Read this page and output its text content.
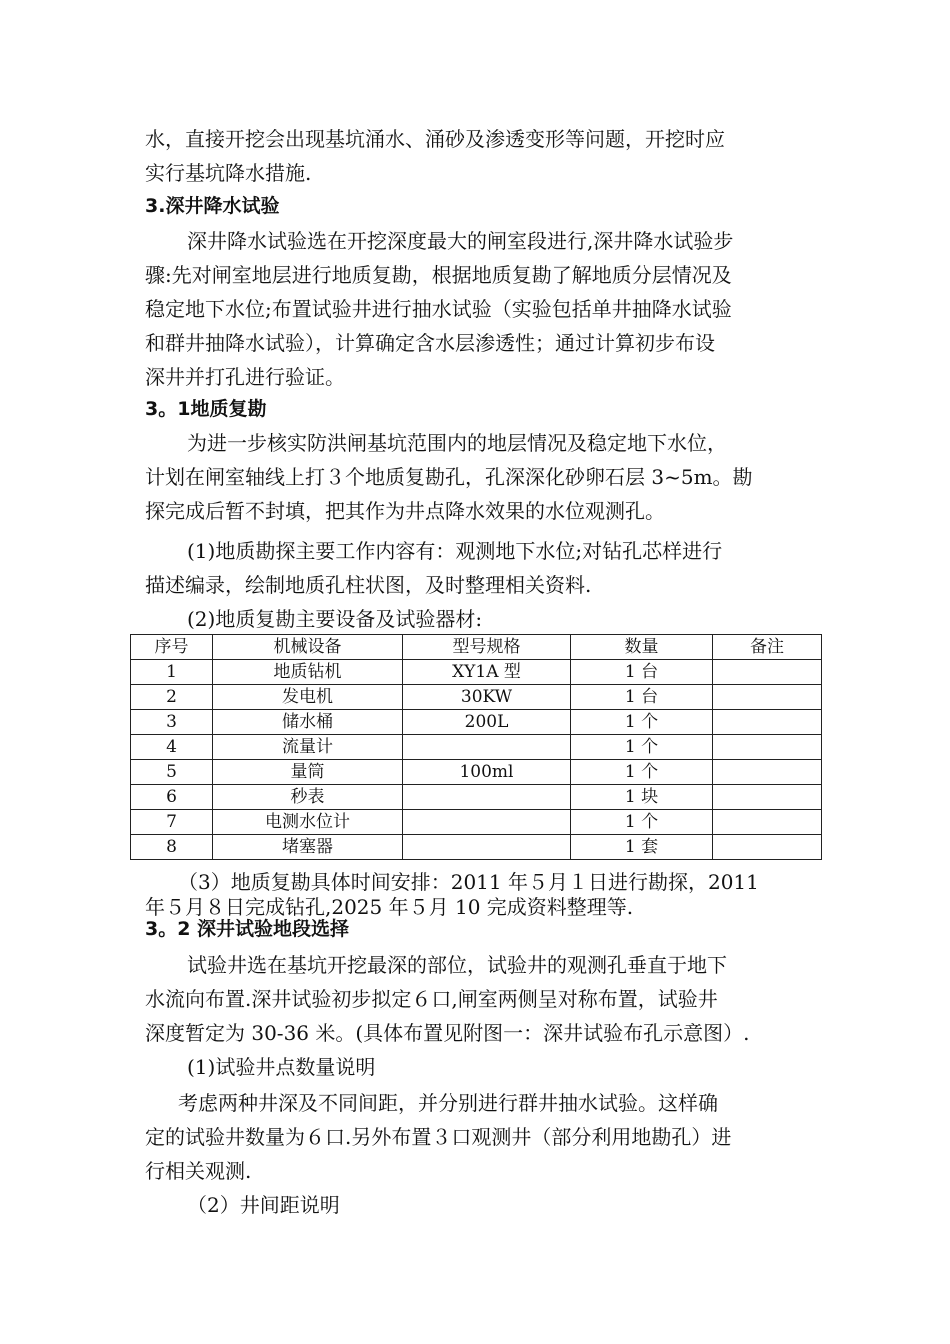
水，直接开挖会出现基坑涌水、涌砂及渗透变形等问题，开挖时应
实行基坑降水措施.
3.深井降水试验
深井降水试验选在开挖深度最大的闸室段进行,深井降水试验步
骤:先对闸室地层进行地质复勘，根据地质复勘了解地质分层情况及
稳定地下水位;布置试验井进行抽水试验（实验包括单井抽降水试验
和群井抽降水试验），计算确定含水层渗透性；通过计算初步布设
深井并打孔进行验证。
3。1地质复勘
为进一步核实防洪闸基坑范围内的地层情况及稳定地下水位，
计划在闸室轴线上打３个地质复勘孔，孔深深化砂卵石层 3~5m。勘
探完成后暂不封填，把其作为井点降水效果的水位观测孔。
(1)地质勘探主要工作内容有：观测地下水位;对钻孔芯样进行
描述编录，绘制地质孔柱状图，及时整理相关资料.
(2)地质复勘主要设备及试验器材:
序号	机械设备	型号规格	数量	备注
1	地质钻机	XY1A 型	1 台	
2	发电机	30KW	1 台	
3	储水桶	200L	1 个	
4	流量计		1 个	
5	量筒	100ml	1 个	
6	秒表		1 块	
7	电测水位计		1 个	
8	堵塞器		1 套	
（3）地质复勘具体时间安排：2011 年５月１日进行勘探，2011
年５月８日完成钻孔,2025 年５月 10 完成资料整理等.
3。2 深井试验地段选择
试验井选在基坑开挖最深的部位，试验井的观测孔垂直于地下
水流向布置.深井试验初步拟定６口,闸室两侧呈对称布置，试验井
深度暂定为 30-36 米。(具体布置见附图一：深井试验布孔示意图）.
(1)试验井点数量说明
考虑两种井深及不同间距，并分别进行群井抽水试验。这样确
定的试验井数量为６口.另外布置３口观测井（部分利用地勘孔）进
行相关观测.
（2）井间距说明
